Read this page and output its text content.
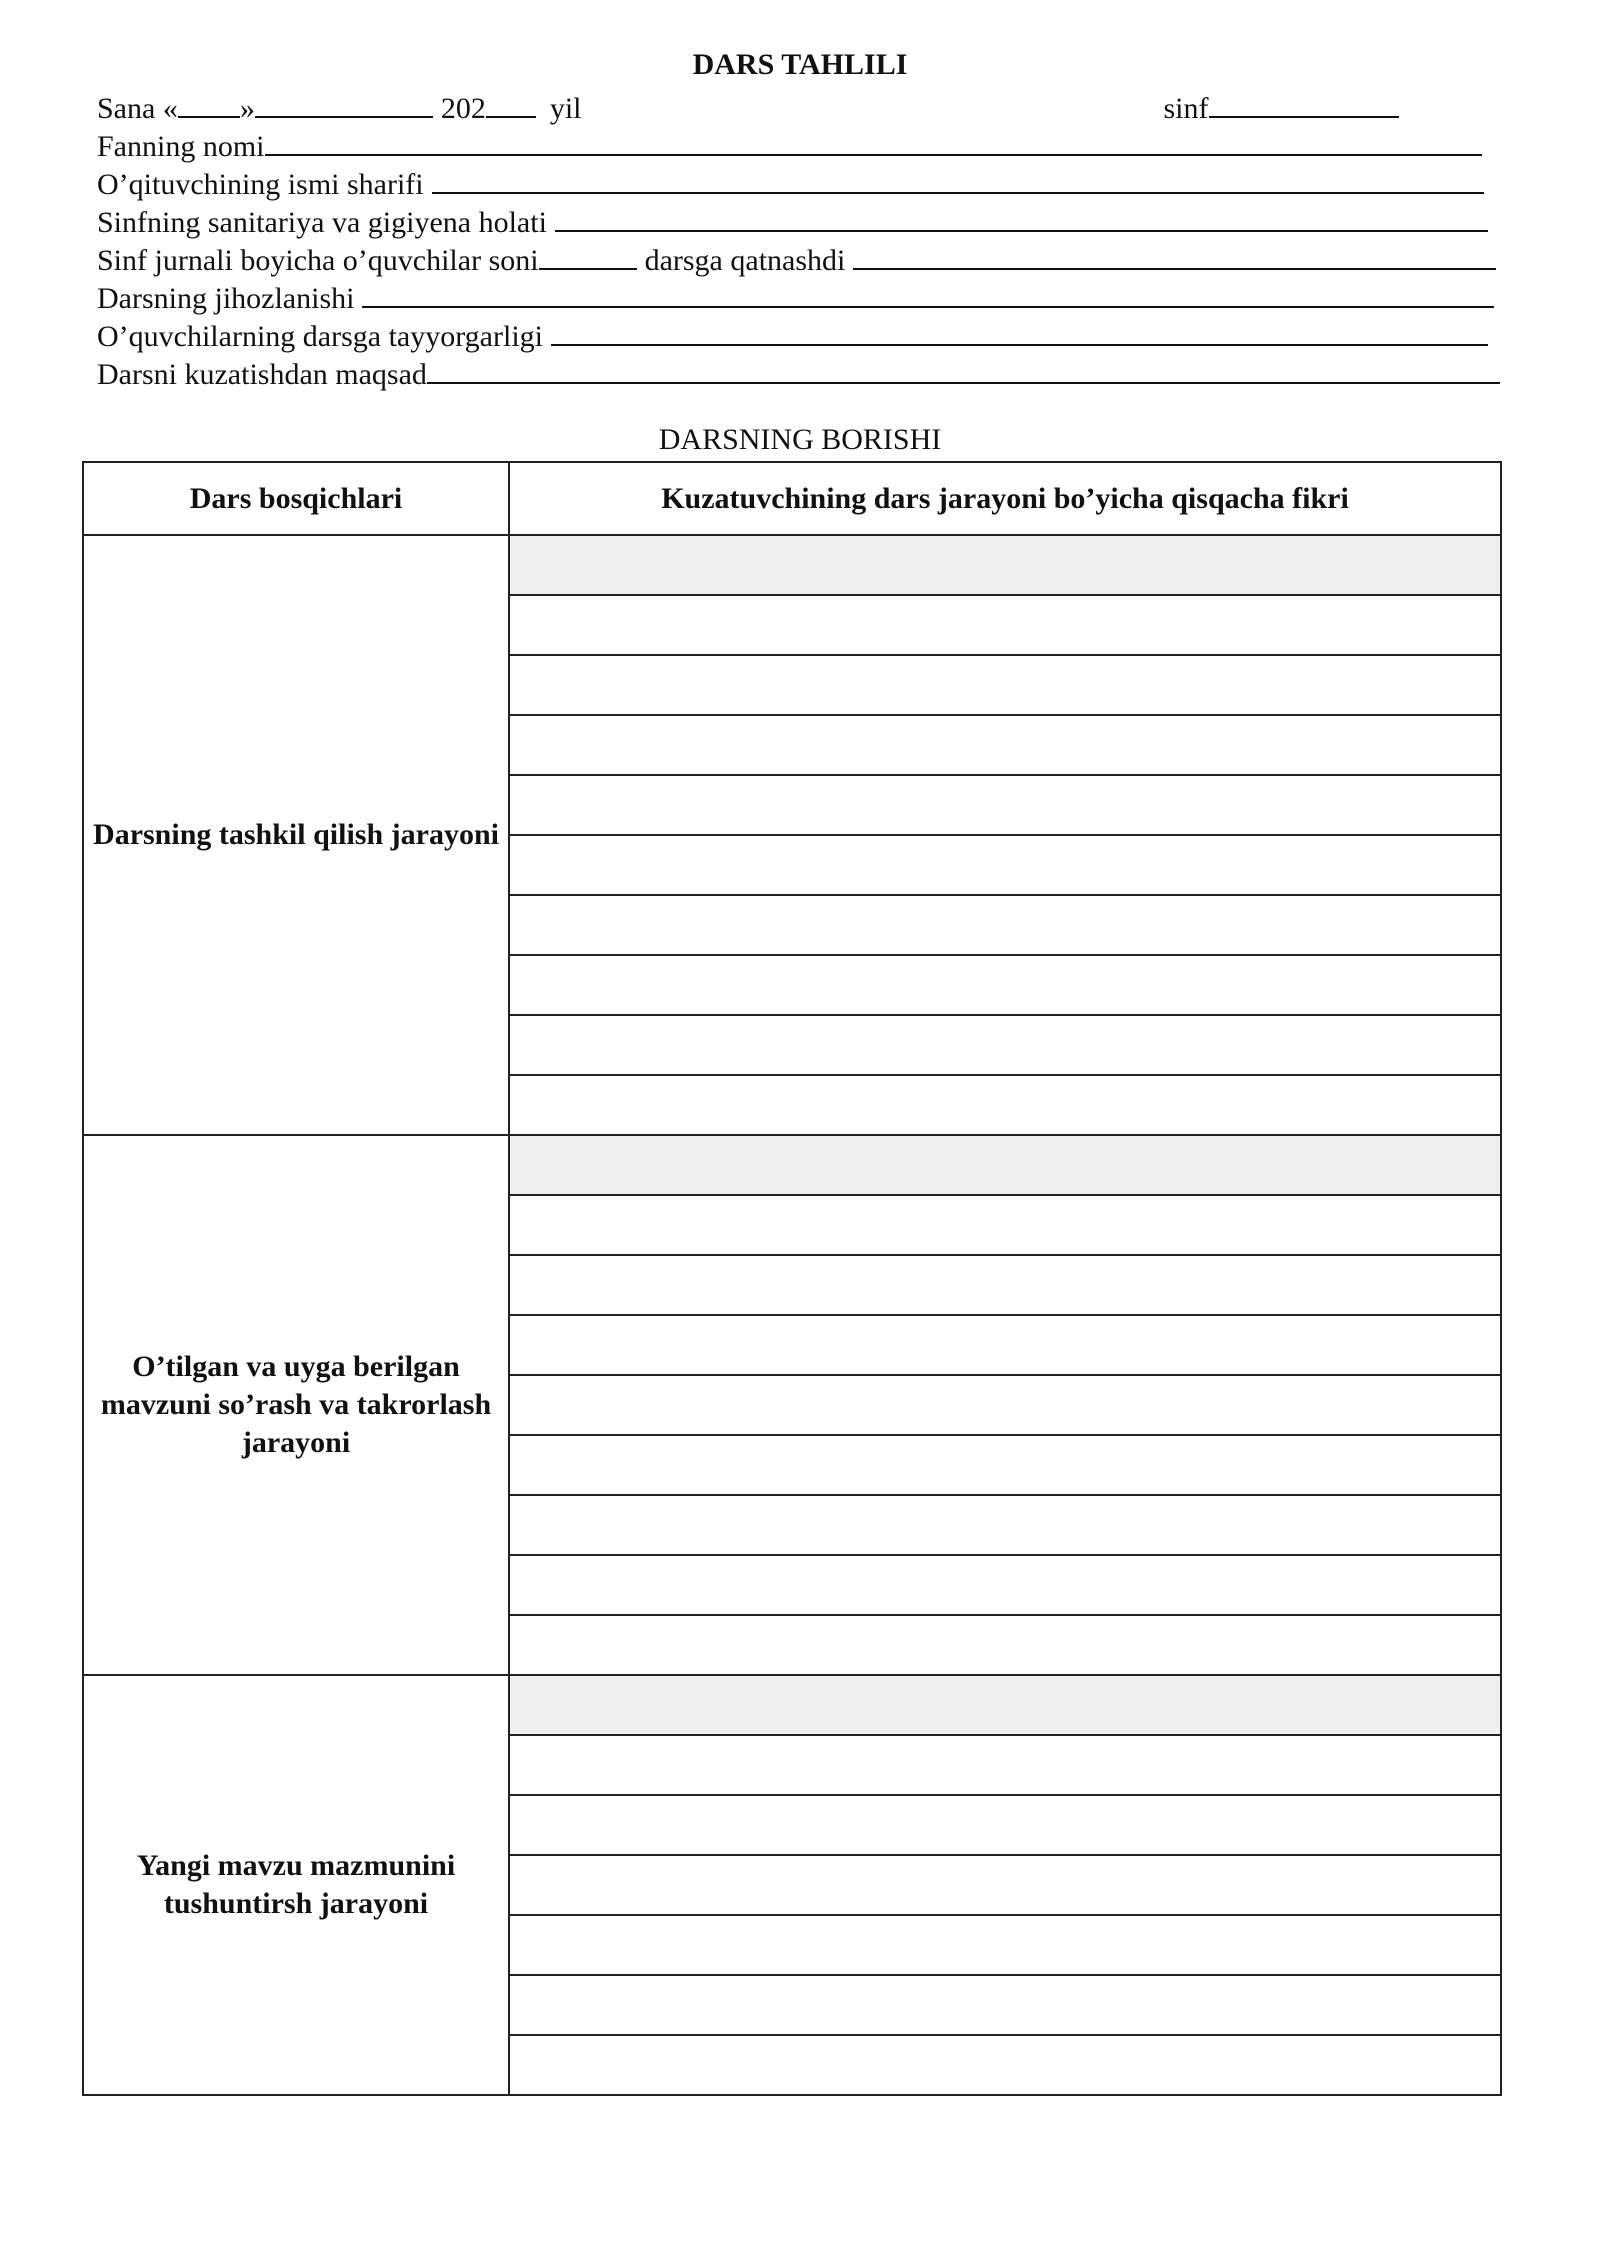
DARS TAHLILI
Sana « »	202 yil	sinf
Fanning nomi
O’qituvchining ismi sharifi
Sinfning sanitariya va gigiyena holati
Sinf jurnali boyicha o’quvchilar soni	darsga qatnashdi
Darsning jihozlanishi
O’quvchilarning darsga tayyorgarligi
Darsni kuzatishdan maqsad
DARSNING BORISHI
Dars bosqichlari	Kuzatuvchining dars jarayoni bo’yicha qisqacha fikri
Darsning tashkil qilish jarayoni	

O’tilgan va uyga berilgan mavzuni so’rash va takrorlash jarayoni	

Yangi mavzu mazmunini tushuntirsh jarayoni	
